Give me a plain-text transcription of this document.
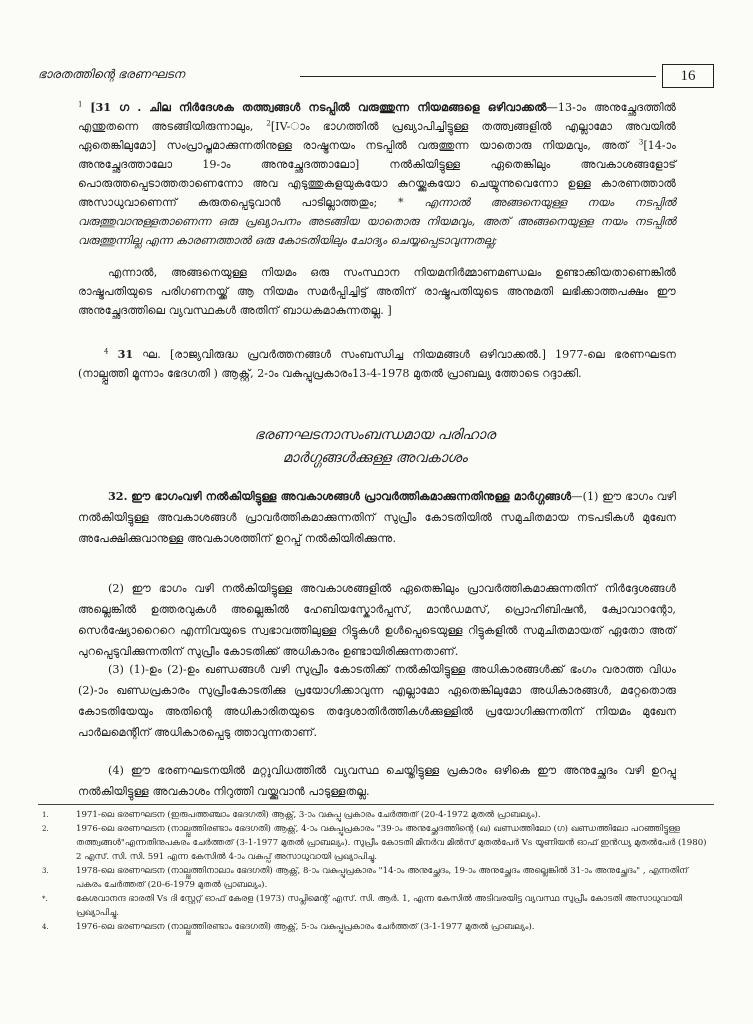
ഭാരതത്തിന്റെ ഭരണഘടന	16

$^1$ [31 ഗ . ചില നിർദേശക തത്ത്വങ്ങൾ നടപ്പിൽ വരുത്തുന്ന നിയമങ്ങളെ ഒഴിവാക്കൽ—13-ാം അനുച്ഛേദത്തിൽ എന്തുതന്നെ അടങ്ങിയിരുന്നാലും, $^2$[IV-ാം ഭാഗത്തിൽ പ്രഖ്യാപിച്ചിട്ടുള്ള തത്ത്വങ്ങളിൽ എല്ലാമോ അവയിൽ ഏതെങ്കിലുമോ] സംപ്രാപ്തമാക്കുന്നതിനുള്ള രാഷ്ട്രനയം നടപ്പിൽ വരുത്തുന്ന യാതൊരു നിയമവും, അത് $^3$[14-ാം അനുച്ഛേദത്താലോ 19-ാം അനുച്ഛേദത്താലോ] നൽകിയിട്ടുള്ള ഏതെങ്കിലും അവകാശങ്ങളോട് പൊരുത്തപ്പെടാത്തതാണെന്നോ അവ എടുത്തുകളയുകയോ കുറയ്ക്കുകയോ ചെയ്യുന്നുവെന്നോ ഉള്ള കാരണത്താൽ അസാധുവാണെന്ന് കരുതപ്പെടുവാൻ പാടില്ലാത്തതും; * എന്നാൽ അങ്ങനെയുള്ള നയം നടപ്പിൽ വരുത്തുവാനുള്ളതാണെന്ന ഒരു പ്രഖ്യാപനം അടങ്ങിയ യാതൊരു നിയമവും, അത് അങ്ങനെയുള്ള നയം നടപ്പിൽ വരുത്തുന്നില്ല എന്ന കാരണത്താൽ ഒരു കോടതിയിലും ചോദ്യം ചെയ്യപ്പെടാവുന്നതല്ല;

എന്നാൽ, അങ്ങനെയുള്ള നിയമം ഒരു സംസ്ഥാന നിയമനിർമ്മാണമണ്ഡലം ഉണ്ടാക്കിയതാണെങ്കിൽ രാഷ്ട്രപതിയുടെ പരിഗണനയ്ക്ക് ആ നിയമം സമർപ്പിച്ചിട്ട് അതിന് രാഷ്ട്രപതിയുടെ അനുമതി ലഭിക്കാത്തപക്ഷം ഈ അനുച്ഛേദത്തിലെ വ്യവസ്ഥകൾ അതിന് ബാധകമാകുന്നതല്ല. ]

$^4$ 31 ഘ. [രാജ്യവിരുദ്ധ പ്രവർത്തനങ്ങൾ സംബന്ധിച്ച നിയമങ്ങൾ ഒഴിവാക്കൽ.] 1977-ലെ ഭരണഘടന (നാല്പ്പത്തി മൂന്നാം ഭേദഗതി ) ആക്റ്റ്, 2-ാം വകുപ്പുപ്രകാരം13-4-1978 മുതൽ പ്രാബല്യ ത്തോടെ റദ്ദാക്കി.

ഭരണഘടനാസംബന്ധമായ പരിഹാര
മാർഗ്ഗങ്ങൾക്കുള്ള അവകാശം

32. ഈ ഭാഗംവഴി നൽകിയിട്ടുള്ള അവകാശങ്ങൾ പ്രാവർത്തികമാക്കുന്നതിനുള്ള മാർഗ്ഗങ്ങൾ—(1) ഈ ഭാഗം വഴി നൽകിയിട്ടുള്ള അവകാശങ്ങൾ പ്രാവർത്തികമാക്കുന്നതിന് സുപ്രീം കോടതിയിൽ സമുചിതമായ നടപടികൾ മുഖേന അപേക്ഷിക്കുവാനുള്ള അവകാശത്തിന് ഉറപ്പ് നൽകിയിരിക്കുന്നു.

(2) ഈ ഭാഗം വഴി നൽകിയിട്ടുള്ള അവകാശങ്ങളിൽ ഏതെങ്കിലും പ്രാവർത്തികമാക്കുന്നതിന് നിർദ്ദേശങ്ങൾ അല്ലെങ്കിൽ ഉത്തരവുകൾ അല്ലെങ്കിൽ ഹേബിയസ്കോർപ്പസ്, മാൻഡമസ്, പ്രൊഹിബിഷൻ, ക്വോവാറന്റോ, സെർഷ്യോറൈറെ എന്നിവയുടെ സ്വഭാവത്തിലുള്ള റിട്ടുകൾ ഉൾപ്പെടെയുള്ള റിട്ടുകളിൽ സമുചിതമായത് ഏതോ അത് പുറപ്പെടുവിക്കുന്നതിന് സുപ്രീം കോടതിക്ക് അധികാരം ഉണ്ടായിരിക്കുന്നതാണ്.
(3) (1)-ഉം (2)-ഉം ഖണ്ഡങ്ങൾ വഴി സുപ്രീം കോടതിക്ക് നൽകിയിട്ടുള്ള അധികാരങ്ങൾക്ക് ഭംഗം വരാത്ത വിധം (2)-ാം ഖണ്ഡപ്രകാരം സുപ്രീംകോടതിക്കു പ്രയോഗിക്കാവുന്ന എല്ലാമോ ഏതെങ്കിലുമോ അധികാരങ്ങൾ, മറ്റേതൊരു കോടതിയേയും അതിന്റെ അധികാരിതയുടെ തദ്ദേശാതിർത്തികൾക്കുള്ളിൽ പ്രയോഗിക്കുന്നതിന് നിയമം മുഖേന പാർലമെന്റിന് അധികാരപ്പെടു ത്താവുന്നതാണ്.
(4) ഈ ഭരണഘടനയിൽ മറ്റുവിധത്തിൽ വ്യവസ്ഥ ചെയ്തിട്ടുള്ള പ്രകാരം ഒഴികെ ഈ അനുച്ഛേദം വഴി ഉറപ്പു നൽകിയിട്ടുള്ള അവകാശം നിറുത്തി വയ്ക്കുവാൻ പാടുള്ളതല്ല.

1.	1971-ലെ ഭരണഘടന (ഇരുപത്തഞ്ചാം ഭേദഗതി) ആക്റ്റ്, 3-ാം വകുപ്പു പ്രകാരം ചേർത്തത് (20-4-1972 മുതൽ പ്രാബല്യം).

2.	1976-ലെ ഭരണഘടന (നാല്പ്പത്തിരണ്ടാം ഭേദഗതി) ആക്റ്റ്, 4-ാം വകുപ്പുപ്രകാരം "39-ാം അനുച്ഛേദത്തിന്റെ (ഖ) ഖണ്ഡത്തിലോ (ഗ) ഖണ്ഡത്തിലോ പറഞ്ഞിട്ടുള്ള തത്ത്വങ്ങൾ"എന്നതിനുപകരം ചേർത്തത് (3-1-1977 മുതൽ പ്രാബല്യം). സുപ്രീം കോടതി മിനർവ മിൽസ് മുതൽപേർ Vs യൂണിയൻ ഓഫ് ഇൻഡ്യ മുതൽപേർ (1980) 2 എസ്. സി. സി. 591 എന്ന കേസിൽ 4-ാം വകുപ്പ് അസാധുവായി പ്രഖ്യാപിച്ചു.

3.	1978-ലെ ഭരണഘടന (നാല്പ്പത്തിനാലാം ഭേദഗതി) ആക്റ്റ്, 8-ാം വകുപ്പുപ്രകാരം "14-ാം അനുച്ഛേദം, 19-ാം അനുച്ഛേദം അല്ലെങ്കിൽ 31-ാം അനുച്ഛേദം" , എന്നതിന് പകരം ചേർത്തത് (20-6-1979 മുതൽ പ്രാബല്യം).

*.	കേശവാനന്ദ ഭാരതി Vs ദി സ്റ്റേറ്റ് ഓഫ് കേരള (1973) സപ്ലിമെന്റ് എസ്. സി. ആർ. 1, എന്ന കേസിൽ അടിവരയിട്ട വ്യവസ്ഥ സുപ്രീം കോടതി അസാധുവായി പ്രഖ്യാപിച്ചു.

4.	1976-ലെ ഭരണഘടന (നാല്പ്പത്തിരണ്ടാം ഭേദഗതി) ആക്റ്റ്, 5-ാം വകുപ്പുപ്രകാരം ചേർത്തത് (3-1-1977 മുതൽ പ്രാബല്യം).
